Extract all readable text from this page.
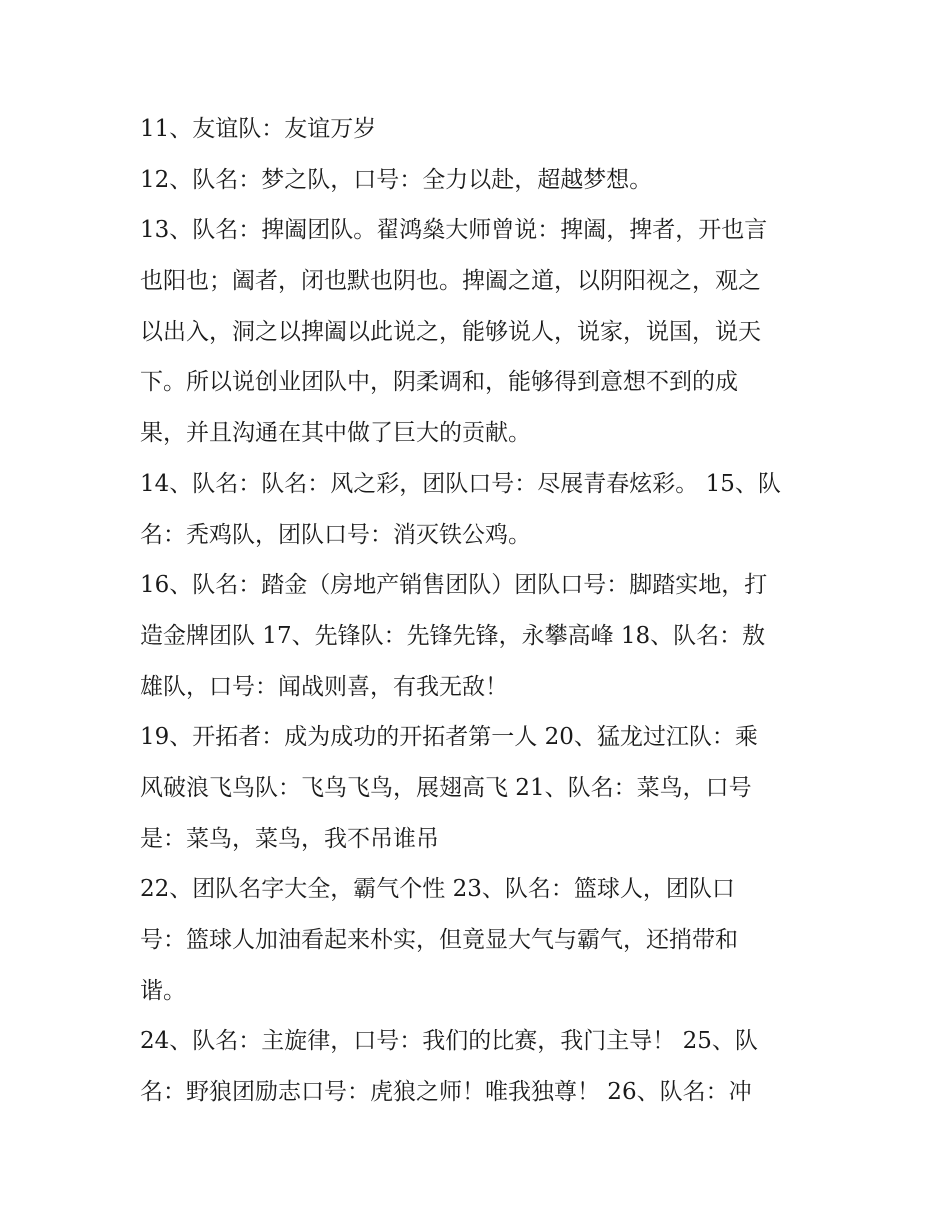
11、友谊队：友谊万岁
12、队名：梦之队，口号：全力以赴，超越梦想。
13、队名：捭阖团队。翟鸿燊大师曾说：捭阖，捭者，开也言
也阳也；阖者，闭也默也阴也。捭阖之道，以阴阳视之，观之
以出入，洞之以捭阖以此说之，能够说人，说家，说国，说天
下。所以说创业团队中，阴柔调和，能够得到意想不到的成
果，并且沟通在其中做了巨大的贡献。
14、队名：队名：风之彩，团队口号：尽展青春炫彩。 15、队
名：秃鸡队，团队口号：消灭铁公鸡。
16、队名：踏金（房地产销售团队）团队口号：脚踏实地，打
造金牌团队 17、先锋队：先锋先锋，永攀高峰 18、队名：敖
雄队，口号：闻战则喜，有我无敌！
19、开拓者：成为成功的开拓者第一人 20、猛龙过江队：乘
风破浪飞鸟队：飞鸟飞鸟，展翅高飞 21、队名：菜鸟，口号
是：菜鸟，菜鸟，我不吊谁吊
22、团队名字大全，霸气个性 23、队名：篮球人，团队口
号：篮球人加油看起来朴实，但竟显大气与霸气，还捎带和
谐。
24、队名：主旋律，口号：我们的比赛，我门主导！ 25、队
名：野狼团励志口号：虎狼之师！唯我独尊！ 26、队名：冲
